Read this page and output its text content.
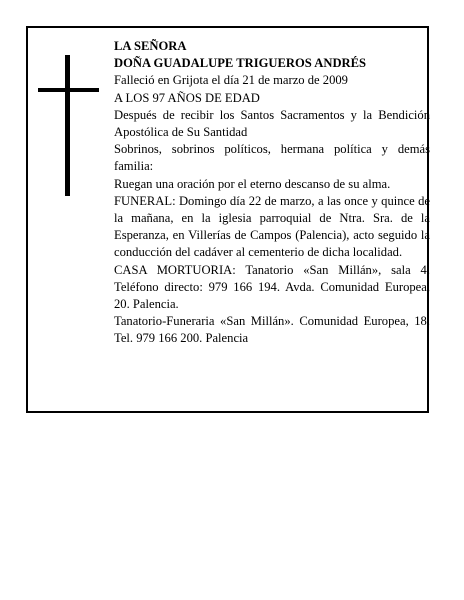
LA SEÑORA

DOÑA GUADALUPE TRIGUEROS ANDRÉS

Falleció en Grijota el día 21 de marzo de 2009

A LOS 97 AÑOS DE EDAD

Después de recibir los Santos Sacramentos y la Bendición Apostólica de Su Santidad

Sobrinos, sobrinos políticos, hermana política y demás familia:

Ruegan una oración por el eterno descanso de su alma.

FUNERAL: Domingo día 22 de marzo, a las once y quince de la mañana, en la iglesia parroquial de Ntra. Sra. de la Esperanza, en Villerías de Campos (Palencia), acto seguido la conducción del cadáver al cementerio de dicha localidad.

CASA MORTUORIA: Tanatorio «San Millán», sala 4. Teléfono directo: 979 166 194. Avda. Comunidad Europea, 20. Palencia.

Tanatorio-Funeraria «San Millán». Comunidad Europea, 18. Tel. 979 166 200. Palencia
